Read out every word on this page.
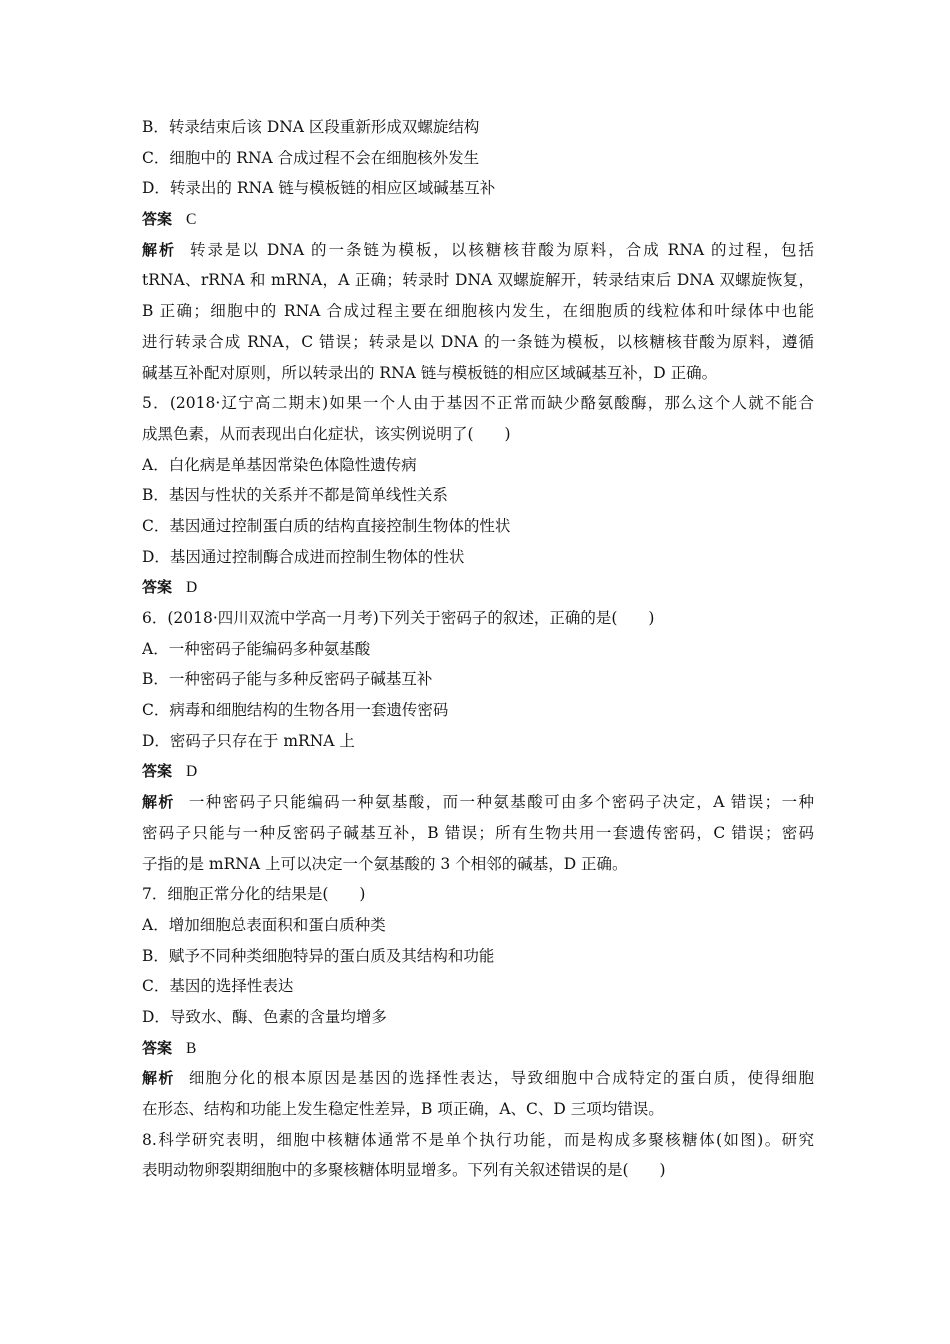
B．转录结束后该 DNA 区段重新形成双螺旋结构
C．细胞中的 RNA 合成过程不会在细胞核外发生
D．转录出的 RNA 链与模板链的相应区域碱基互补
答案 C
解析 转录是以 DNA 的一条链为模板，以核糖核苷酸为原料，合成 RNA 的过程，包括
tRNA、rRNA 和 mRNA，A 正确；转录时 DNA 双螺旋解开，转录结束后 DNA 双螺旋恢复，
B 正确；细胞中的 RNA 合成过程主要在细胞核内发生，在细胞质的线粒体和叶绿体中也能
进行转录合成 RNA，C 错误；转录是以 DNA 的一条链为模板，以核糖核苷酸为原料，遵循
碱基互补配对原则，所以转录出的 RNA 链与模板链的相应区域碱基互补，D 正确。
5．(2018·辽宁高二期末)如果一个人由于基因不正常而缺少酪氨酸酶，那么这个人就不能合
成黑色素，从而表现出白化症状，该实例说明了(　　)
A．白化病是单基因常染色体隐性遗传病
B．基因与性状的关系并不都是简单线性关系
C．基因通过控制蛋白质的结构直接控制生物体的性状
D．基因通过控制酶合成进而控制生物体的性状
答案 D
6．(2018·四川双流中学高一月考)下列关于密码子的叙述，正确的是(　　)
A．一种密码子能编码多种氨基酸
B．一种密码子能与多种反密码子碱基互补
C．病毒和细胞结构的生物各用一套遗传密码
D．密码子只存在于 mRNA 上
答案 D
解析 一种密码子只能编码一种氨基酸，而一种氨基酸可由多个密码子决定，A 错误；一种
密码子只能与一种反密码子碱基互补，B 错误；所有生物共用一套遗传密码，C 错误；密码
子指的是 mRNA 上可以决定一个氨基酸的 3 个相邻的碱基，D 正确。
7．细胞正常分化的结果是(　　)
A．增加细胞总表面积和蛋白质种类
B．赋予不同种类细胞特异的蛋白质及其结构和功能
C．基因的选择性表达
D．导致水、酶、色素的含量均增多
答案 B
解析 细胞分化的根本原因是基因的选择性表达，导致细胞中合成特定的蛋白质，使得细胞
在形态、结构和功能上发生稳定性差异，B 项正确，A、C、D 三项均错误。
8.科学研究表明，细胞中核糖体通常不是单个执行功能，而是构成多聚核糖体(如图)。研究
表明动物卵裂期细胞中的多聚核糖体明显增多。下列有关叙述错误的是(　　)
